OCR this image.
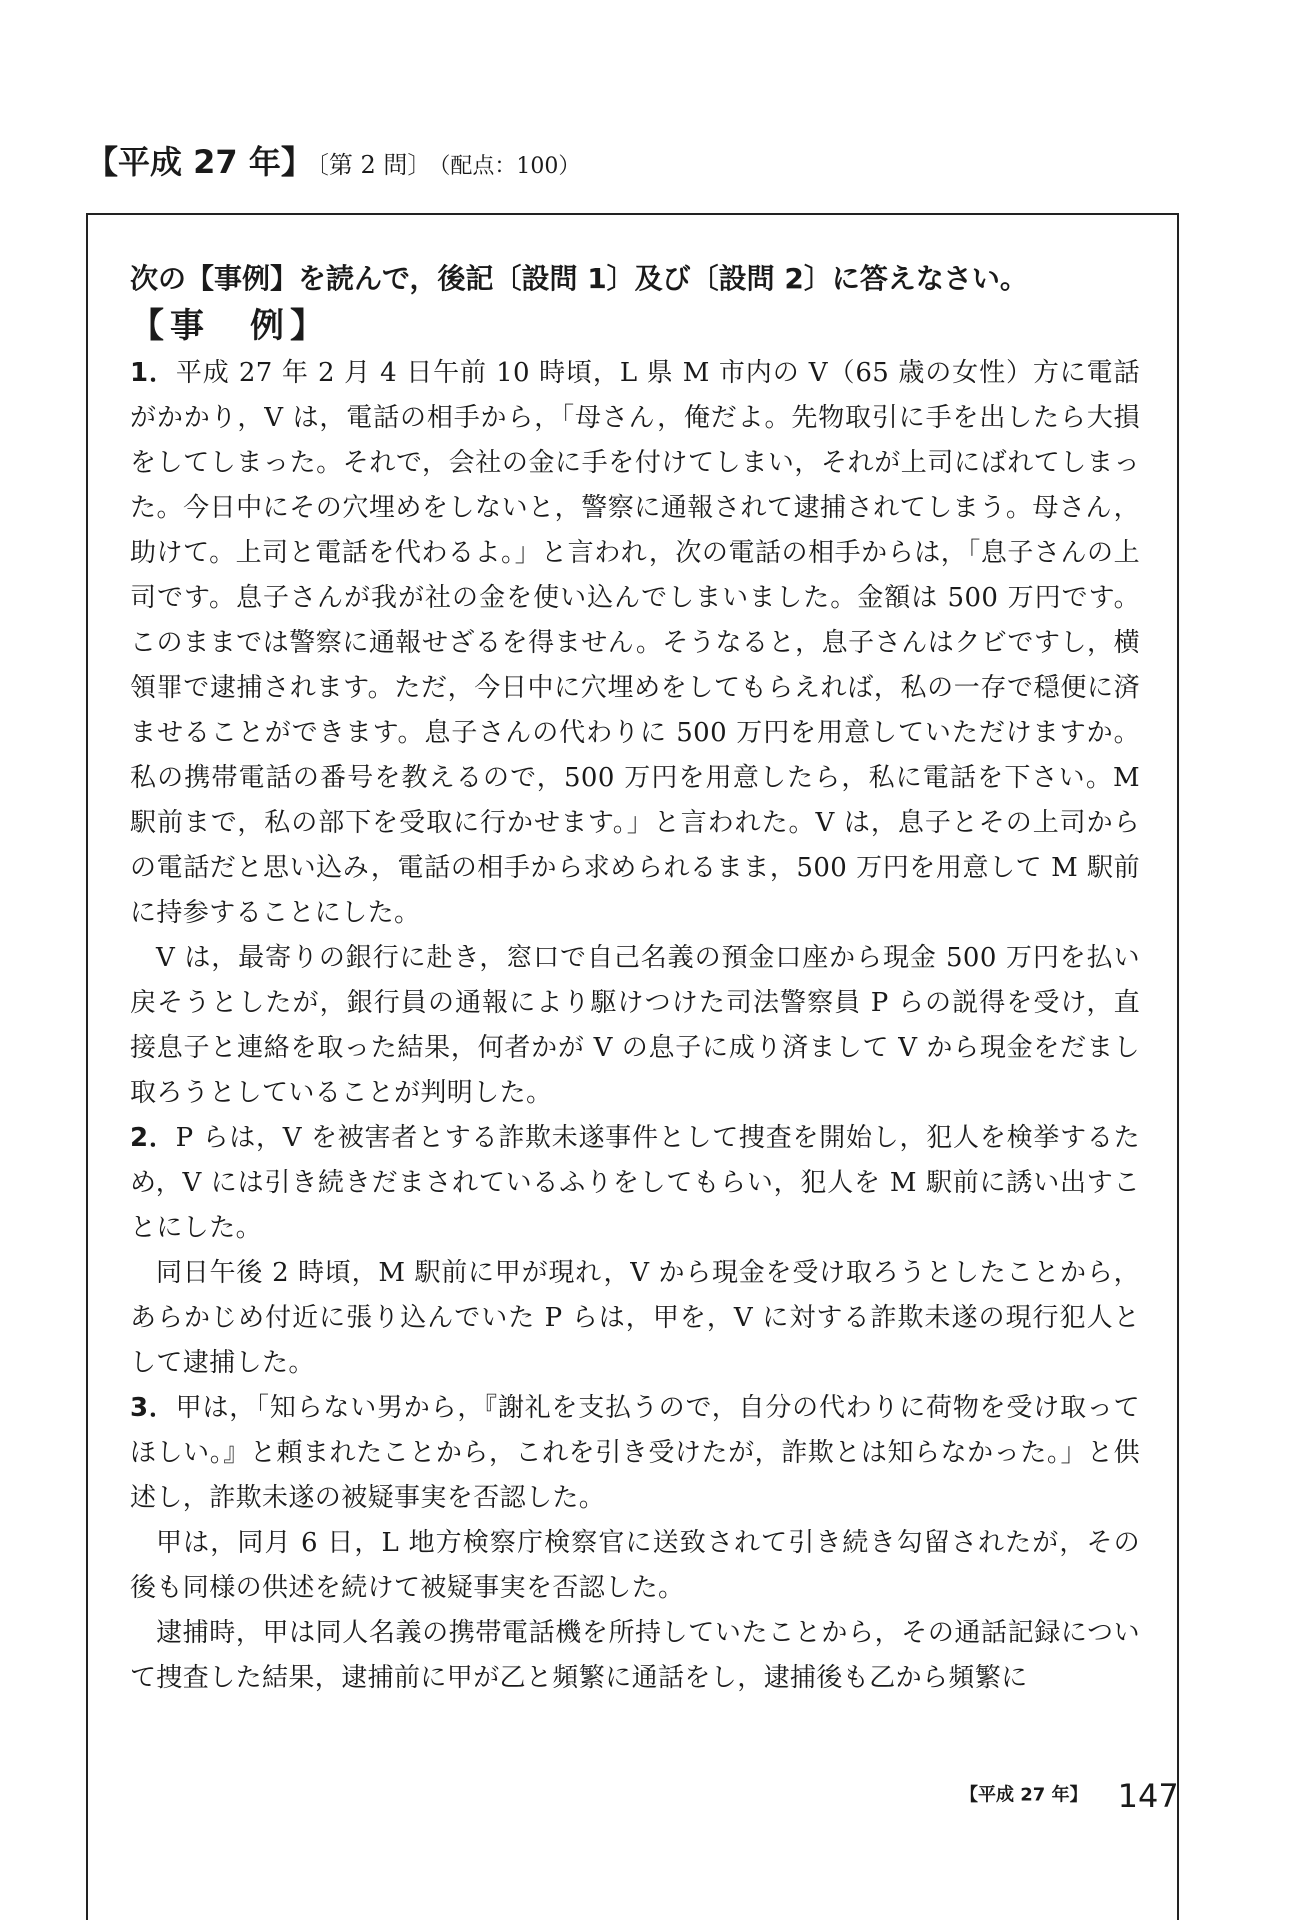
【平成 27 年】 〔第 2 問〕 （配点：100）

次の【事例】を読んで，後記〔設問 1〕及び〔設問 2〕に答えなさい。

【事　例】

1．平成 27 年 2 月 4 日午前 10 時頃，L 県 M 市内の V（65 歳の女性）方に電話がかかり，V は，電話の相手から，「母さん，俺だよ。先物取引に手を出したら大損をしてしまった。それで，会社の金に手を付けてしまい，それが上司にばれてしまった。今日中にその穴埋めをしないと，警察に通報されて逮捕されてしまう。母さん，助けて。上司と電話を代わるよ。」と言われ，次の電話の相手からは，「息子さんの上司です。息子さんが我が社の金を使い込んでしまいました。金額は 500 万円です。このままでは警察に通報せざるを得ません。そうなると，息子さんはクビですし，横領罪で逮捕されます。ただ，今日中に穴埋めをしてもらえれば，私の一存で穏便に済ませることができます。息子さんの代わりに 500 万円を用意していただけますか。私の携帯電話の番号を教えるので，500 万円を用意したら，私に電話を下さい。M 駅前まで，私の部下を受取に行かせます。」と言われた。V は，息子とその上司からの電話だと思い込み，電話の相手から求められるまま，500 万円を用意して M 駅前に持参することにした。

V は，最寄りの銀行に赴き，窓口で自己名義の預金口座から現金 500 万円を払い戻そうとしたが，銀行員の通報により駆けつけた司法警察員 P らの説得を受け，直接息子と連絡を取った結果，何者かが V の息子に成り済まして V から現金をだまし取ろうとしていることが判明した。

2．P らは，V を被害者とする詐欺未遂事件として捜査を開始し，犯人を検挙するため，V には引き続きだまされているふりをしてもらい，犯人を M 駅前に誘い出すことにした。

同日午後 2 時頃，M 駅前に甲が現れ，V から現金を受け取ろうとしたことから，あらかじめ付近に張り込んでいた P らは，甲を，V に対する詐欺未遂の現行犯人として逮捕した。

3．甲は，「知らない男から，『謝礼を支払うので，自分の代わりに荷物を受け取ってほしい。』と頼まれたことから，これを引き受けたが，詐欺とは知らなかった。」と供述し，詐欺未遂の被疑事実を否認した。

甲は，同月 6 日，L 地方検察庁検察官に送致されて引き続き勾留されたが，その後も同様の供述を続けて被疑事実を否認した。

逮捕時，甲は同人名義の携帯電話機を所持していたことから，その通話記録について捜査した結果，逮捕前に甲が乙と頻繁に通話をし，逮捕後も乙から頻繁に

【平成 27 年】 147
